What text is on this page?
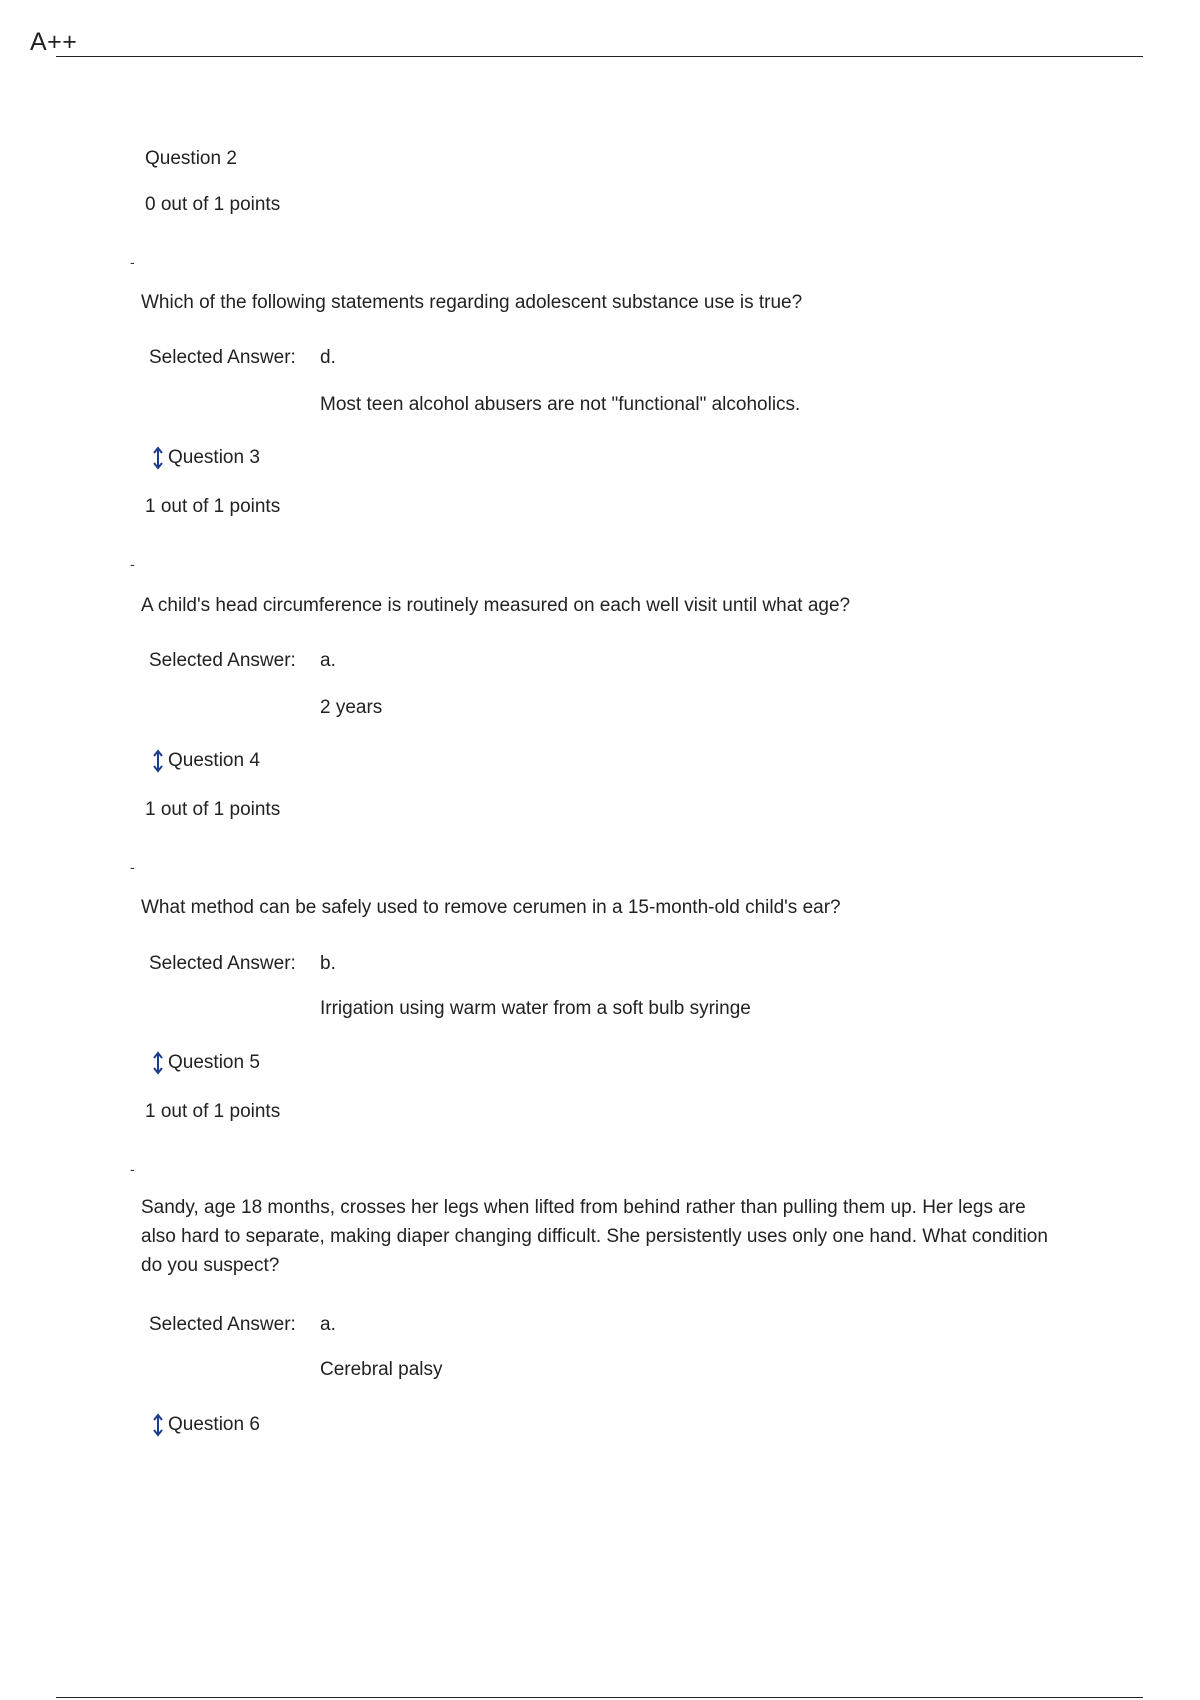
A++
Question 2
0 out of 1 points
-
Which of the following statements regarding adolescent substance use is true?
Selected Answer: d.
Most teen alcohol abusers are not "functional" alcoholics.
Question 3
1 out of 1 points
-
A child's head circumference is routinely measured on each well visit until what age?
Selected Answer: a.
2 years
Question 4
1 out of 1 points
-
What method can be safely used to remove cerumen in a 15-month-old child's ear?
Selected Answer: b.
Irrigation using warm water from a soft bulb syringe
Question 5
1 out of 1 points
-
Sandy, age 18 months, crosses her legs when lifted from behind rather than pulling them up. Her legs are also hard to separate, making diaper changing difficult. She persistently uses only one hand. What condition do you suspect?
Selected Answer: a.
Cerebral palsy
Question 6
